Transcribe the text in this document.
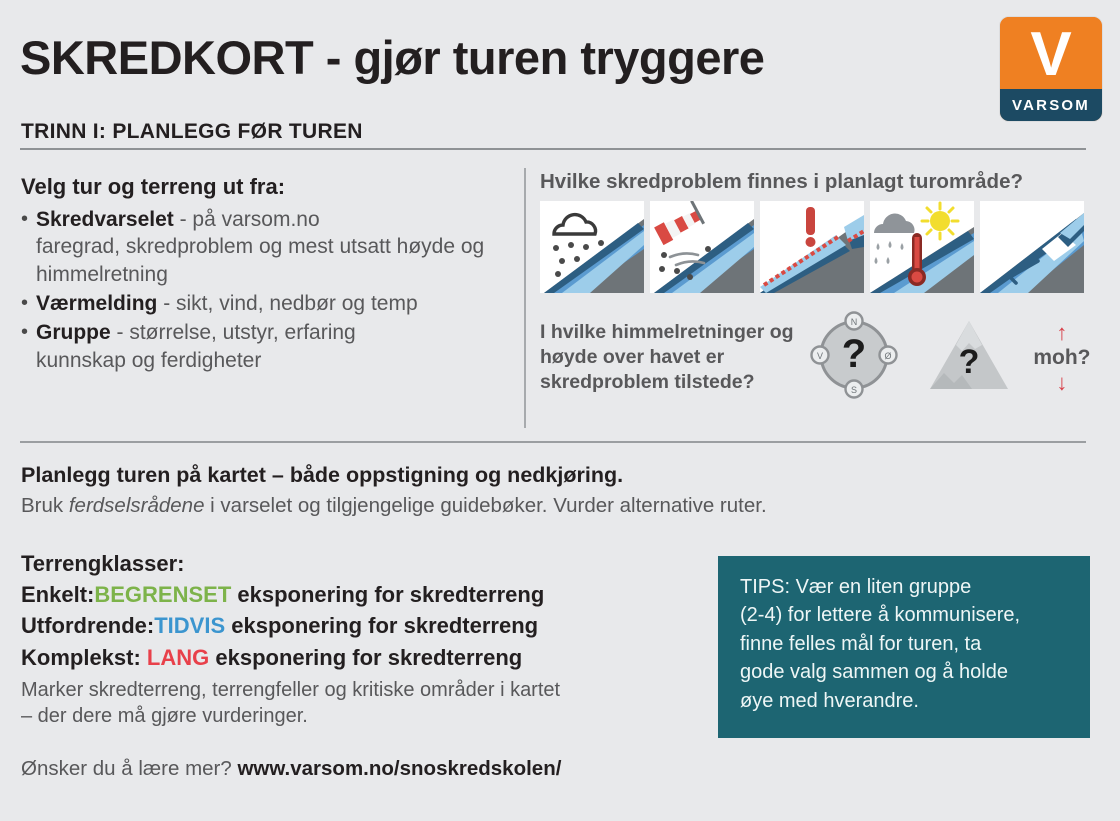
SKREDKORT - gjør turen tryggere
TRINN I: PLANLEGG FØR TUREN
V
VARSOM
Velg tur og terreng ut fra:
• Skredvarselet - på varsom.no
faregrad, skredproblem og mest utsatt høyde og himmelretning
• Værmelding - sikt, vind, nedbør og temp
• Gruppe - størrelse, utstyr, erfaring
kunnskap og ferdigheter
Hvilke skredproblem finnes i planlagt turområde?
I hvilke himmelretninger og høyde over havet er skredproblem tilstede?
N
Ø
S
V ?	?
↑
moh?
↓
Planlegg turen på kartet – både oppstigning og nedkjøring.
Bruk ferdselsrådene i varselet og tilgjengelige guidebøker. Vurder alternative ruter.
Terrengklasser:
Enkelt:BEGRENSET eksponering for skredterreng
Utfordrende:TIDVIS eksponering for skredterreng
Komplekst: LANG eksponering for skredterreng
Marker skredterreng, terrengfeller og kritiske områder i kartet
– der dere må gjøre vurderinger.

TIPS: Vær en liten gruppe

(2-4) for lettere å kommunisere,

finne felles mål for turen, ta

gode valg sammen og å holde

øye med hverandre.

Ønsker du å lære mer? www.varsom.no/snoskredskolen/
